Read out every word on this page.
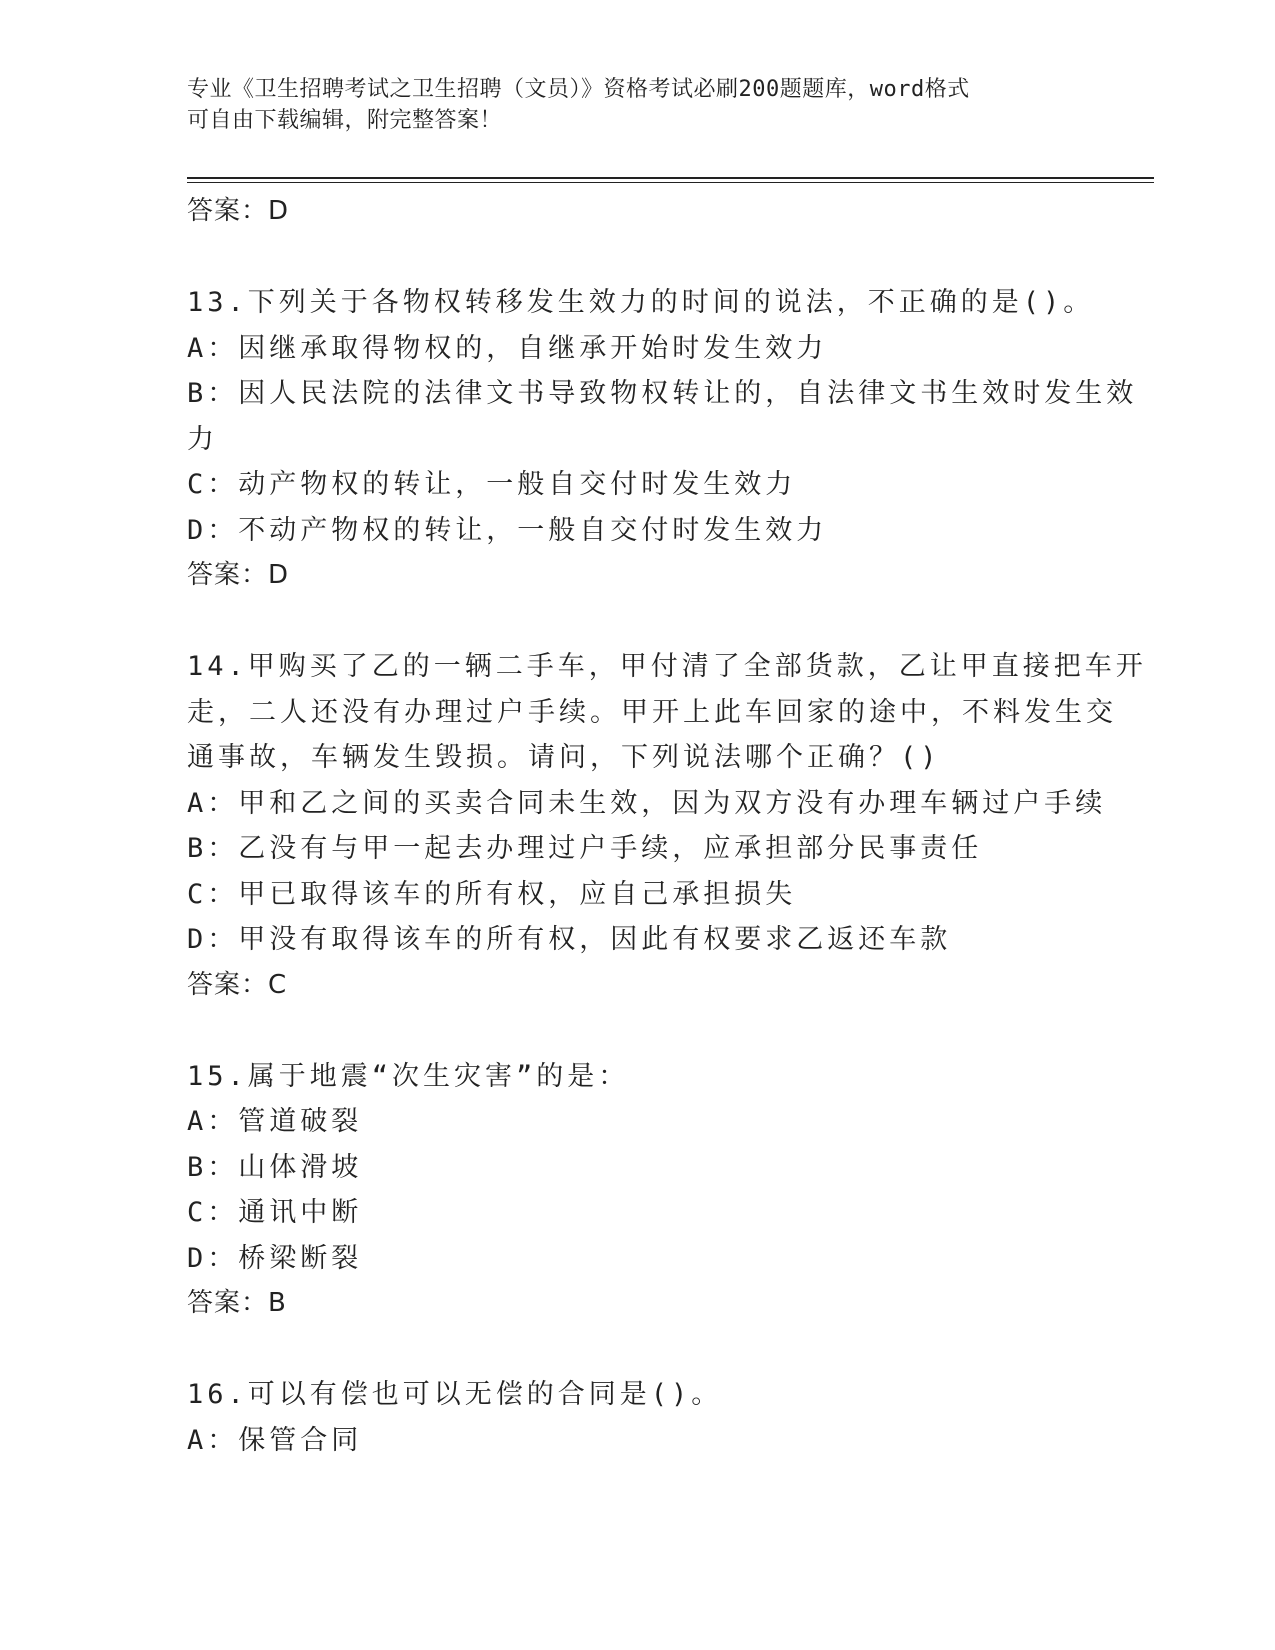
专业《卫生招聘考试之卫生招聘（文员）》资格考试必刷200题题库，word格式
可自由下载编辑，附完整答案！
答案：D
13.下列关于各物权转移发生效力的时间的说法，不正确的是()。
A：因继承取得物权的，自继承开始时发生效力
B：因人民法院的法律文书导致物权转让的，自法律文书生效时发生效
力
C：动产物权的转让，一般自交付时发生效力
D：不动产物权的转让，一般自交付时发生效力
答案：D
14.甲购买了乙的一辆二手车，甲付清了全部货款，乙让甲直接把车开
走，二人还没有办理过户手续。甲开上此车回家的途中，不料发生交
通事故，车辆发生毁损。请问，下列说法哪个正确？()
A：甲和乙之间的买卖合同未生效，因为双方没有办理车辆过户手续
B：乙没有与甲一起去办理过户手续，应承担部分民事责任
C：甲已取得该车的所有权，应自己承担损失
D：甲没有取得该车的所有权，因此有权要求乙返还车款
答案：C
15.属于地震“次生灾害”的是：
A：管道破裂
B：山体滑坡
C：通讯中断
D：桥梁断裂
答案：B
16.可以有偿也可以无偿的合同是()。
A：保管合同
